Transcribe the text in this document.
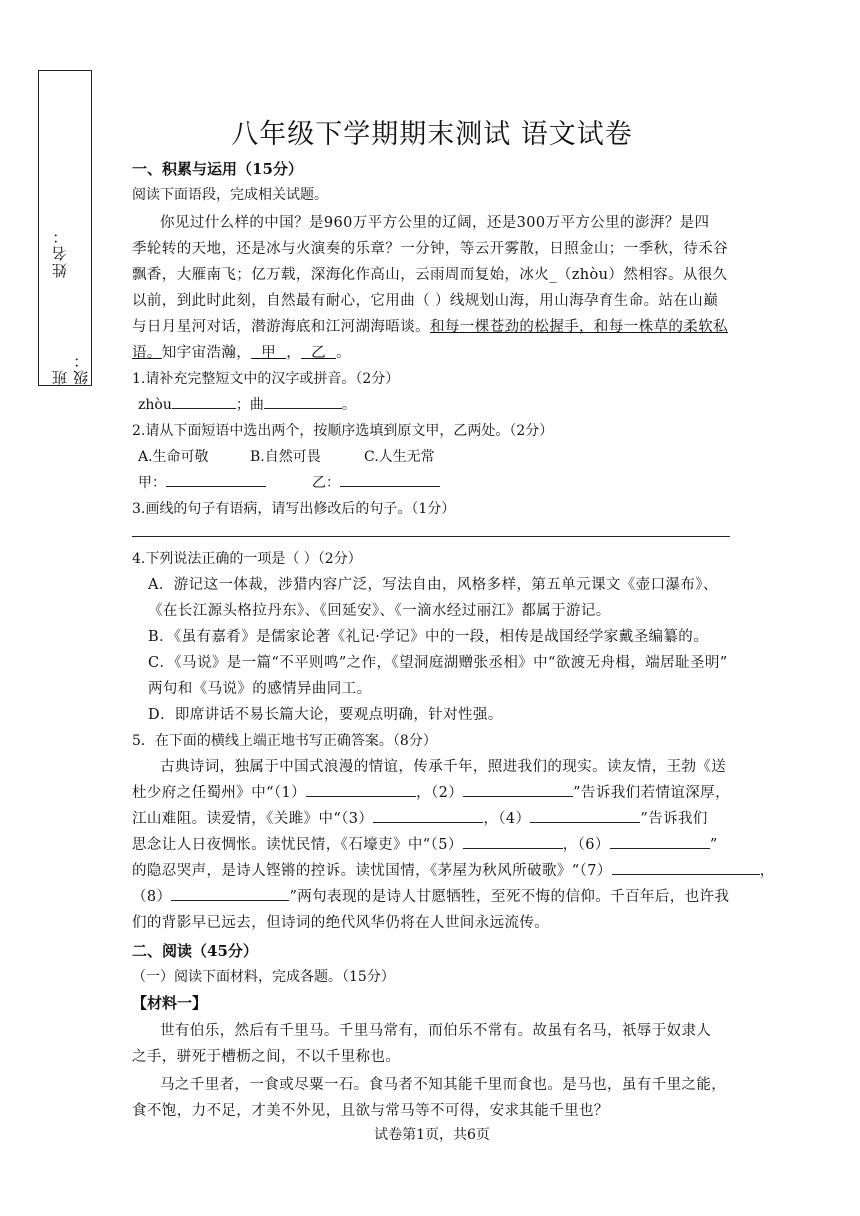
姓名：
班级：
八年级下学期期末测试 语文试卷
一、积累与运用（15分）
阅读下面语段，完成相关试题。
你见过什么样的中国？是960万平方公里的辽阔，还是300万平方公里的澎湃？是四
季轮转的天地，还是冰与火演奏的乐章？一分钟，等云开雾散，日照金山；一季秋，待禾谷
飘香，大雁南飞；亿万载，深海化作高山，云雨周而复始，冰火_（zhòu）然相容。从很久
以前，到此时此刻，自然最有耐心，它用曲（ ）线规划山海，用山海孕育生命。站在山巅
与日月星河对话，潜游海底和江河湖海晤谈。和每一棵苍劲的松握手，和每一株草的柔软私
语。知宇宙浩瀚， 甲 ， 乙 。
1.请补充完整短文中的汉字或拼音。（2分）
zhòu	；曲	。
2.请从下面短语中选出两个，按顺序选填到原文甲，乙两处。（2分）
A.生命可敬	B.自然可畏	C.人生无常
甲：	乙：
3.画线的句子有语病，请写出修改后的句子。（1分）
4.下列说法正确的一项是（ ）（2分）
A．游记这一体裁，涉猎内容广泛，写法自由，风格多样，第五单元课文《壶口瀑布》、
《在长江源头格拉丹东》、《回延安》、《一滴水经过丽江》都属于游记。
B．《虽有嘉肴》是儒家论著《礼记·学记》中的一段，相传是战国经学家戴圣编纂的。
C．《马说》是一篇“不平则鸣”之作，《望洞庭湖赠张丞相》中“欲渡无舟楫，端居耻圣明”
两句和《马说》的感情异曲同工。
D．即席讲话不易长篇大论，要观点明确，针对性强。
5．在下面的横线上端正地书写正确答案。（8分）
古典诗词，独属于中国式浪漫的情谊，传承千年，照进我们的现实。读友情，王勃《送
杜少府之任蜀州》中“（1）	，（2）	”告诉我们若情谊深厚，
江山难阻。读爱情，《关雎》中“（3）	，（4）	”告诉我们
思念让人日夜惆怅。读忧民情，《石壕吏》中“（5）	，（6）	”
的隐忍哭声，是诗人铿锵的控诉。读忧国情，《茅屋为秋风所破歌》“（7）	，
（8）	”两句表现的是诗人甘愿牺牲，至死不悔的信仰。千百年后，也许我
们的背影早已远去，但诗词的绝代风华仍将在人世间永远流传。
二、阅读（45分）
（一）阅读下面材料，完成各题。（15分）
【材料一】
世有伯乐，然后有千里马。千里马常有，而伯乐不常有。故虽有名马，祇辱于奴隶人
之手，骈死于槽枥之间，不以千里称也。
马之千里者，一食或尽粟一石。食马者不知其能千里而食也。是马也，虽有千里之能，
食不饱，力不足，才美不外见，且欲与常马等不可得，安求其能千里也？
试卷第1页，共6页
